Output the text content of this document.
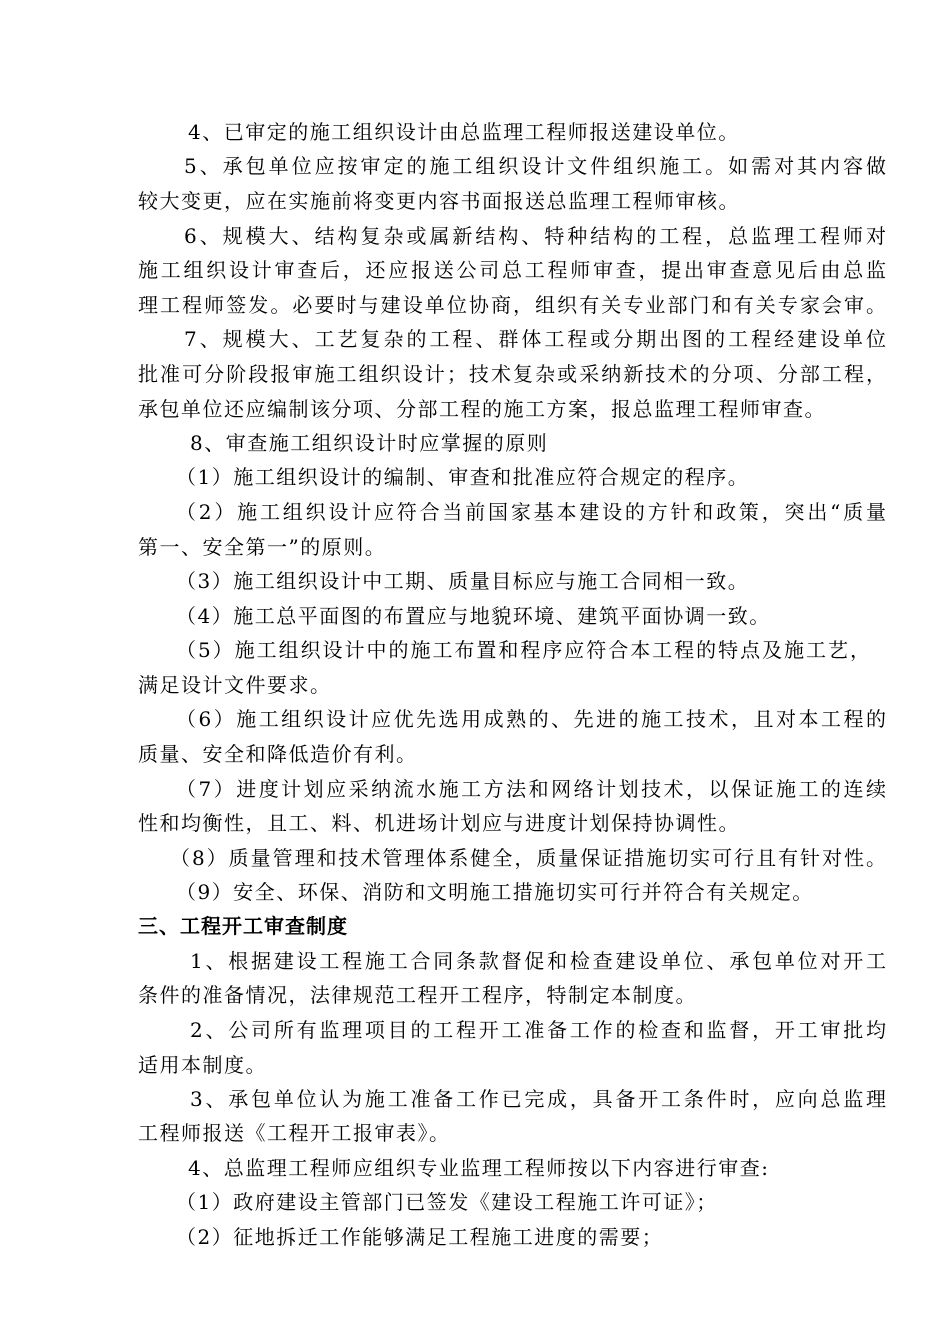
4、已审定的施工组织设计由总监理工程师报送建设单位。
5、承包单位应按审定的施工组织设计文件组织施工。如需对其内容做
较大变更，应在实施前将变更内容书面报送总监理工程师审核。
6、规模大、结构复杂或属新结构、特种结构的工程，总监理工程师对
施工组织设计审查后，还应报送公司总工程师审查，提出审查意见后由总监
理工程师签发。必要时与建设单位协商，组织有关专业部门和有关专家会审。
7、规模大、工艺复杂的工程、群体工程或分期出图的工程经建设单位
批准可分阶段报审施工组织设计；技术复杂或采纳新技术的分项、分部工程，
承包单位还应编制该分项、分部工程的施工方案，报总监理工程师审查。
8、审查施工组织设计时应掌握的原则
（1）施工组织设计的编制、审查和批准应符合规定的程序。
（2）施工组织设计应符合当前国家基本建设的方针和政策，突出“质量
第一、安全第一”的原则。
（3）施工组织设计中工期、质量目标应与施工合同相一致。
（4）施工总平面图的布置应与地貌环境、建筑平面协调一致。
（5）施工组织设计中的施工布置和程序应符合本工程的特点及施工艺，
满足设计文件要求。
（6）施工组织设计应优先选用成熟的、先进的施工技术，且对本工程的
质量、安全和降低造价有利。
（7）进度计划应采纳流水施工方法和网络计划技术，以保证施工的连续
性和均衡性，且工、料、机进场计划应与进度计划保持协调性。
（8）质量管理和技术管理体系健全，质量保证措施切实可行且有针对性。
（9）安全、环保、消防和文明施工措施切实可行并符合有关规定。
三、工程开工审查制度
1、根据建设工程施工合同条款督促和检查建设单位、承包单位对开工
条件的准备情况，法律规范工程开工程序，特制定本制度。
2、公司所有监理项目的工程开工准备工作的检查和监督，开工审批均
适用本制度。
3、承包单位认为施工准备工作已完成，具备开工条件时，应向总监理
工程师报送《工程开工报审表》。
4、总监理工程师应组织专业监理工程师按以下内容进行审查:
（1）政府建设主管部门已签发《建设工程施工许可证》；
（2）征地拆迁工作能够满足工程施工进度的需要；
